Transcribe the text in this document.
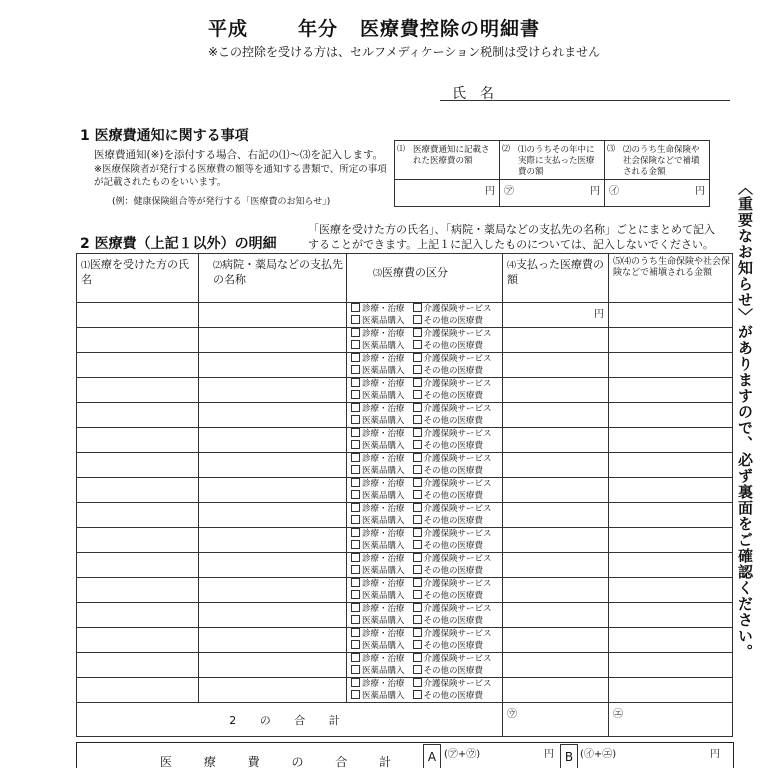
平成	年分 医療費控除の明細書
※この控除を受ける方は、セルフメディケーション税制は受けられません
氏名
1 医療費通知に関する事項
医療費通知(※)を添付する場合、右記の⑴〜⑶を記入します。
※医療保険者が発行する医療費の額等を通知する書類で、所定の事項が記載されたものをいいます。
(例：健康保険組合等が発行する「医療費のお知らせ」)
⑴ 医療費通知に記載された医療費の額	⑵ ⑴のうちその年中に実際に支払った医療費の額	⑶ ⑵のうち生命保険や社会保険などで補塡される金額

円	㋐ 円	㋑ 円
2 医療費（上記１以外）の明細
「医療を受けた方の氏名」、「病院・薬局などの支払先の名称」ごとにまとめて記入することができます。上記１に記入したものについては、記入しないでください。
⑴医療を受けた方の氏名	⑵病院・薬局などの支払先の名称	⑶医療費の区分	⑷支払った医療費の額	⑸⑷のうち生命保険や社会保険などで補塡される金額

		診療・治療 介護保険サービス
医薬品購入 その他の医療費	円	

		診療・治療 介護保険サービス
医薬品購入 その他の医療費		

		診療・治療 介護保険サービス
医薬品購入 その他の医療費		

		診療・治療 介護保険サービス
医薬品購入 その他の医療費		

		診療・治療 介護保険サービス
医薬品購入 その他の医療費		

		診療・治療 介護保険サービス
医薬品購入 その他の医療費		

		診療・治療 介護保険サービス
医薬品購入 その他の医療費		

		診療・治療 介護保険サービス
医薬品購入 その他の医療費		

		診療・治療 介護保険サービス
医薬品購入 その他の医療費		

		診療・治療 介護保険サービス
医薬品購入 その他の医療費		

		診療・治療 介護保険サービス
医薬品購入 その他の医療費		

		診療・治療 介護保険サービス
医薬品購入 その他の医療費		

		診療・治療 介護保険サービス
医薬品購入 その他の医療費		

		診療・治療 介護保険サービス
医薬品購入 その他の医療費		

		診療・治療 介護保険サービス
医薬品購入 その他の医療費		

		診療・治療 介護保険サービス
医薬品購入 その他の医療費		

2 の 合 計			㋒	㋓
医 療 費 の 合 計	A (㋐+㋒)	円 B (㋑+㋓)	円
〈重要なお知らせ〉がありますので、必ず裏面をご確認ください。
